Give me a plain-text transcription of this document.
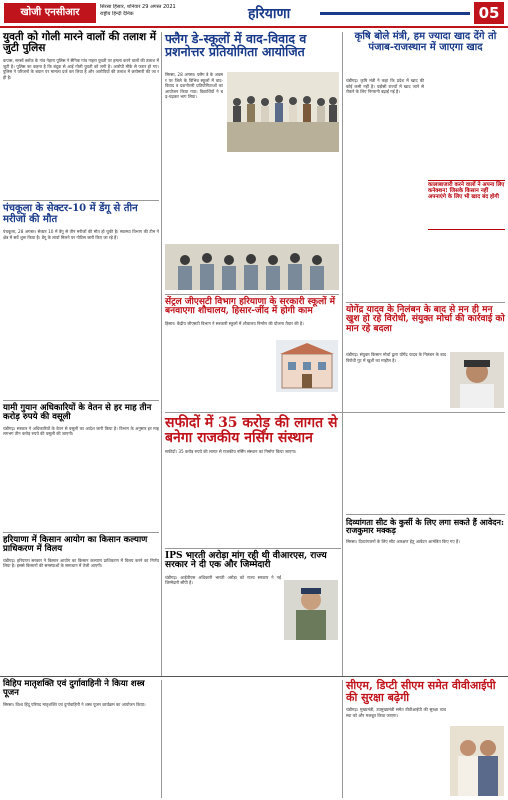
खोजी एनसीआर	सिरसा हिसार, शनिवार 29 अगस्त 2021
राष्ट्रीय हिन्दी दैनिक	हरियाणा	05
युवती को गोली मारने वालों की तलाश में जुटी पुलिस
कपास, सरसों ब्लॉक के गांव नेहारा पुलिस ने सैनिक गांव नाहरा युवती पर हमला करने वालों की तलाश में जुटी है। पुलिस का कहना है कि बंदूक से आई गोली युवती को लगी है। आरोपी मौके से फरार हो गए। पुलिस ने परिजनों के बयान पर मामला दर्ज कर लिया है और आरोपियों की तलाश में छापेमारी की जा रही है।
पंचकूला के सेक्टर-10 में डेंगू से तीन मरीजों की मौत
पंचकूला, 28 अगस्त। सेक्टर 10 में डेंगू से तीन मरीजों की मौत हो चुकी है। स्वास्थ्य विभाग की टीम ने क्षेत्र में सर्वे शुरू किया है। डेंगू के लार्वा मिलने पर नोटिस जारी किए जा रहे हैं।
यामी गुयान अधिकारियों के वेतन से हर माह तीन करोड़ रुपये की वसूली
चंडीगढ़। सरकार ने अधिकारियों के वेतन से वसूली का आदेश जारी किया है। विभाग के अनुसार हर माह लगभग तीन करोड़ रुपये की वसूली की जाएगी।
हरियाणा में किसान आयोग का किसान कल्याण प्राधिकरण में विलय
चंडीगढ़। हरियाणा सरकार ने किसान आयोग का किसान कल्याण प्राधिकरण में विलय करने का निर्णय लिया है। इससे किसानों की समस्याओं के समाधान में तेजी आएगी।
फ्लैग डे-स्कूलों में वाद-विवाद व प्रशनोत्तर प्रतियोगिता आयोजित
सिरसा, 28 अगस्त। फ्लैग डे के अवसर पर जिले के विभिन्न स्कूलों में वाद-विवाद व प्रशनोत्तरी प्रतियोगिताओं का आयोजन किया गया। विद्यार्थियों ने बढ़-चढ़कर भाग लिया।
सेंट्रल जीएसटी विभाग हरियाणा के सरकारी स्कूलों में बनवाएगा शौचालय, हिसार-जींद में होगी काम
हिसार। केंद्रीय जीएसटी विभाग ने सरकारी स्कूलों में शौचालय निर्माण की योजना तैयार की है।
सफीदों में 35 करोड़ की लागत से बनेगा राजकीय नर्सिंग संस्थान
सफीदों। 35 करोड़ रुपये की लागत से राजकीय नर्सिंग संस्थान का निर्माण किया जाएगा।
IPS भारती अरोड़ा मांग रही थी वीआरएस, राज्य सरकार ने दी एक और जिम्मेदारी
चंडीगढ़। आईपीएस अधिकारी भारती अरोड़ा को राज्य सरकार ने नई जिम्मेदारी सौंपी है।
कृषि बोले मंत्री, हम ज्यादा खाद देंगे तो पंजाब-राजस्थान में जाएगा खाद
चंडीगढ़। कृषि मंत्री ने कहा कि प्रदेश में खाद की कोई कमी नहीं है। पड़ोसी राज्यों में खाद जाने से रोकने के लिए निगरानी बढ़ाई गई है।
कालाबाजारी करने वालों ने अपना लिए कनेक्शन! जिसके किसान नहीं अपनाएंगे के लिए भी खाद बंद होगी
योगेंद्र यादव के निलंबन के बाद से मन ही मन खुश हो रहे विरोधी, संयुक्त मोर्चा की कार्रवाई को मान रहे बदला
चंडीगढ़। संयुक्त किसान मोर्चा द्वारा योगेंद्र यादव के निलंबन के बाद विरोधी गुट में खुशी का माहौल है।
दिव्यांगता सीट के कुर्सी के लिए लगा सकते हैं आवेदन: राजकुमार मक्कड़
सिरसा। दिव्यांगजनों के लिए सीट आरक्षण हेतु आवेदन आमंत्रित किए गए हैं।
विहिप मातृशक्ति एवं दुर्गावाहिनी ने किया शस्त्र पूजन
सिरसा। विश्व हिंदू परिषद मातृशक्ति एवं दुर्गावाहिनी ने शस्त्र पूजन कार्यक्रम का आयोजन किया।
सीएम, डिप्टी सीएम समेत वीवीआईपी की सुरक्षा बढ़ेगी
चंडीगढ़। मुख्यमंत्री, उपमुख्यमंत्री समेत वीवीआईपी की सुरक्षा व्यवस्था को और मजबूत किया जाएगा।
